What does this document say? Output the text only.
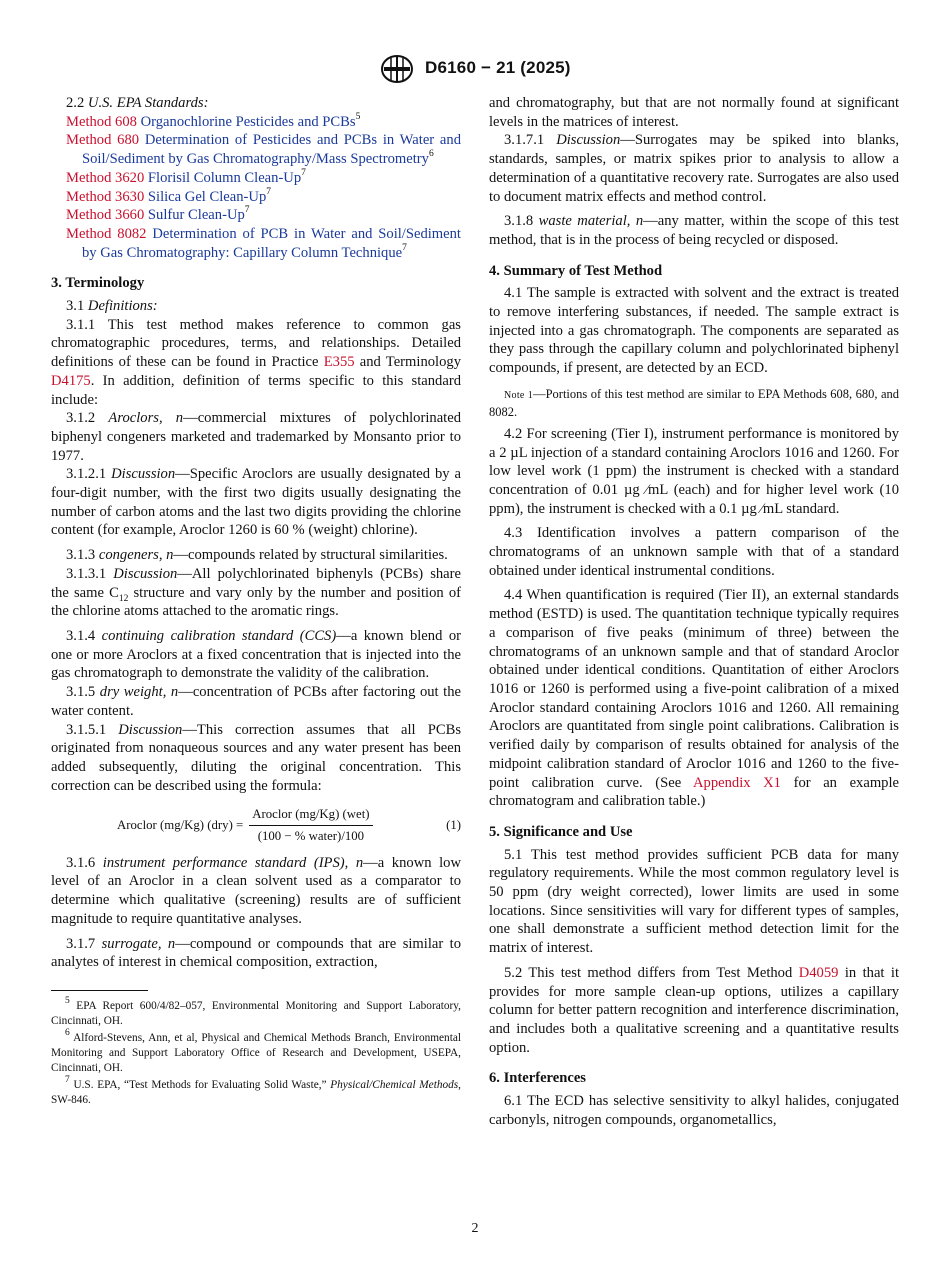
D6160 − 21 (2025)

2.2 U.S. EPA Standards:

Method 608 Organochlorine Pesticides and PCBs$^5$

Method 680 Determination of Pesticides and PCBs in Water and Soil/Sediment by Gas Chromatography/Mass Spectrometry$^6$

Method 3620 Florisil Column Clean-Up$^7$

Method 3630 Silica Gel Clean-Up$^7$

Method 3660 Sulfur Clean-Up$^7$

Method 8082 Determination of PCB in Water and Soil/Sediment by Gas Chromatography: Capillary Column Technique$^7$

3. Terminology

3.1 Definitions:

3.1.1 This test method makes reference to common gas chromatographic procedures, terms, and relationships. Detailed definitions of these can be found in Practice E355 and Terminology D4175. In addition, definition of terms specific to this standard include:

3.1.2 Aroclors, n—commercial mixtures of polychlorinated biphenyl congeners marketed and trademarked by Monsanto prior to 1977.

3.1.2.1 Discussion—Specific Aroclors are usually designated by a four-digit number, with the first two digits usually designating the number of carbon atoms and the last two digits providing the chlorine content (for example, Aroclor 1260 is 60 % (weight) chlorine).

3.1.3 congeners, n—compounds related by structural similarities.

3.1.3.1 Discussion—All polychlorinated biphenyls (PCBs) share the same $C_{12}$ structure and vary only by the number and position of the chlorine atoms attached to the aromatic rings.

3.1.4 continuing calibration standard (CCS)—a known blend or one or more Aroclors at a fixed concentration that is injected into the gas chromatograph to demonstrate the validity of the calibration.

3.1.5 dry weight, n—concentration of PCBs after factoring out the water content.

3.1.5.1 Discussion—This correction assumes that all PCBs originated from nonaqueous sources and any water present has been added subsequently, diluting the original concentration. This correction can be described using the formula:

Aroclor (mg/Kg) $(dry) = \frac{\text{Aroclor (mg/Kg) (wet)}}{\text{(100 − \% water)/100}}$	(1)

3.1.6 instrument performance standard (IPS), n—a known low level of an Aroclor in a clean solvent used as a comparator to determine which qualitative (screening) results are of sufficient magnitude to require quantitative analyses.

3.1.7 surrogate, n—compound or compounds that are similar to analytes of interest in chemical composition, extraction,

$^5$ EPA Report 600/4/82–057, Environmental Monitoring and Support Laboratory, Cincinnati, OH.

$^6$ Alford-Stevens, Ann, et al, Physical and Chemical Methods Branch, Environmental Monitoring and Support Laboratory Office of Research and Development, USEPA, Cincinnati, OH.

$^7$ U.S. EPA, “Test Methods for Evaluating Solid Waste,” Physical/Chemical Methods, SW-846.

and chromatography, but that are not normally found at significant levels in the matrices of interest.

3.1.7.1 Discussion—Surrogates may be spiked into blanks, standards, samples, or matrix spikes prior to analysis to allow a determination of a quantitative recovery rate. Surrogates are also used to document matrix effects and method control.

3.1.8 waste material, n—any matter, within the scope of this test method, that is in the process of being recycled or disposed.

4. Summary of Test Method

4.1 The sample is extracted with solvent and the extract is treated to remove interfering substances, if needed. The sample extract is injected into a gas chromatograph. The components are separated as they pass through the capillary column and polychlorinated biphenyl compounds, if present, are detected by an ECD.

Note 1—Portions of this test method are similar to EPA Methods 608, 680, and 8082.

4.2 For screening (Tier I), instrument performance is monitored by a 2 µL injection of a standard containing Aroclors 1016 and 1260. For low level work (1 ppm) the instrument is checked with a standard concentration of 0.01 µg ⁄mL (each) and for higher level work (10 ppm), the instrument is checked with a 0.1 µg ⁄mL standard.

4.3 Identification involves a pattern comparison of the chromatograms of an unknown sample with that of a standard obtained under identical instrumental conditions.

4.4 When quantification is required (Tier II), an external standards method (ESTD) is used. The quantitation technique typically requires a comparison of five peaks (minimum of three) between the chromatograms of an unknown sample and that of standard Aroclor obtained under identical conditions. Quantitation of either Aroclors 1016 or 1260 is performed using a five-point calibration of a mixed Aroclor standard containing Aroclors 1016 and 1260. All remaining Aroclors are quantitated from single point calibrations. Calibration is verified daily by comparison of results obtained for analysis of the midpoint calibration standard of Aroclor 1016 and 1260 to the five-point calibration curve. (See Appendix X1 for an example chromatogram and calibration table.)

5. Significance and Use

5.1 This test method provides sufficient PCB data for many regulatory requirements. While the most common regulatory level is 50 ppm (dry weight corrected), lower limits are used in some locations. Since sensitivities will vary for different types of samples, one shall demonstrate a sufficient method detection limit for the matrix of interest.

5.2 This test method differs from Test Method D4059 in that it provides for more sample clean-up options, utilizes a capillary column for better pattern recognition and interference discrimination, and includes both a qualitative screening and a quantitative results option.

6. Interferences

6.1 The ECD has selective sensitivity to alkyl halides, conjugated carbonyls, nitrogen compounds, organometallics,

2
